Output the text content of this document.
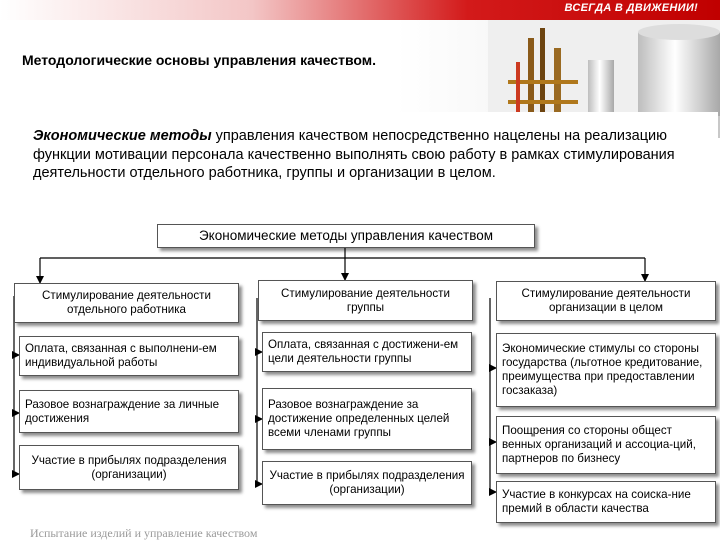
ВСЕГДА В ДВИЖЕНИИ!
Методологические основы управления качеством.

Экономические методы управления качеством непосредственно нацелены на реализацию функции мотивации персонала качественно выполнять свою работу в рамках стимулирования деятельности отдельного работника, группы и организации в целом.

Экономические методы управления качеством
Стимулирование деятельности отдельного работника
Оплата, связанная с выполнени-ем индивидуальной работы
Разовое вознаграждение за личные достижения
Участие в прибылях подразделения (организации)
Стимулирование деятельности группы
Оплата, связанная с достижени-ем цели деятельности группы
Разовое вознаграждение за достижение определенных целей всеми членами группы
Участие в прибылях подразделения (организации)
Стимулирование деятельности организации в целом
Экономические стимулы со стороны государства (льготное кредитование, преимущества при предоставлении госзаказа)
Поощрения со стороны общест венных организаций и ассоциа-ций, партнеров по бизнесу
Участие в конкурсах на соиска-ние премий в области качества
Испытание изделий и управление качеством
